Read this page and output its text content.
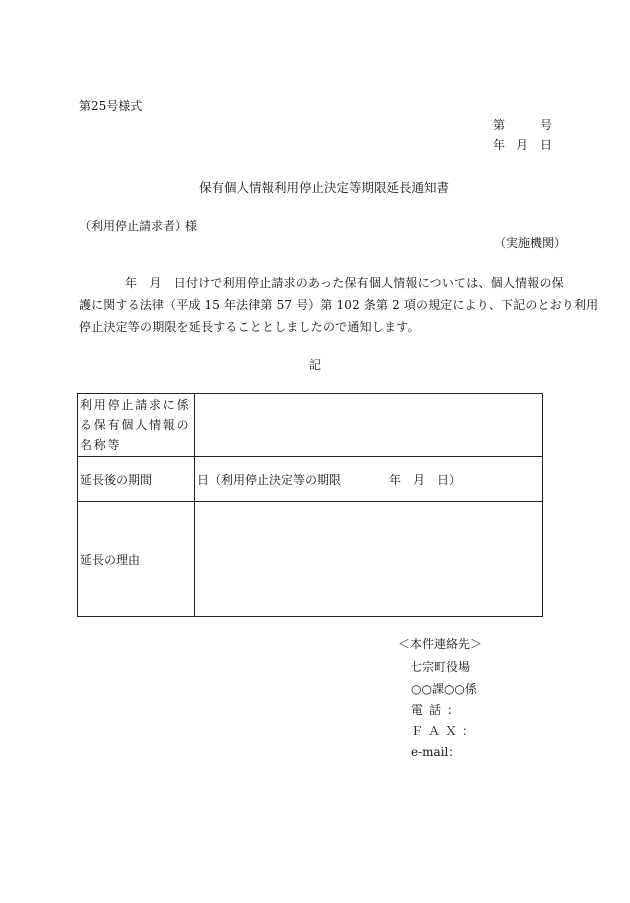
第25号様式
第	号
年 月 日
保有個人情報利用停止決定等期限延長通知書
（利用停止請求者）
様
（実施機関）
年　月　日付けで利用停止請求のあった保有個人情報については、個人情報の保
護に関する法律（平成 15 年法律第 57 号）第 102 条第 2 項の規定により、下記のとおり利用
停止決定等の期限を延長することとしましたので通知します。
記
利用停止請求に係る保有個人情報の名称等	
延長後の期間	日（利用停止決定等の期限　　　　年　月　日）
延長の理由	
＜本件連絡先＞
七宗町役場
○○課○○係
電話：
ＦＡＸ：
e-mail：
